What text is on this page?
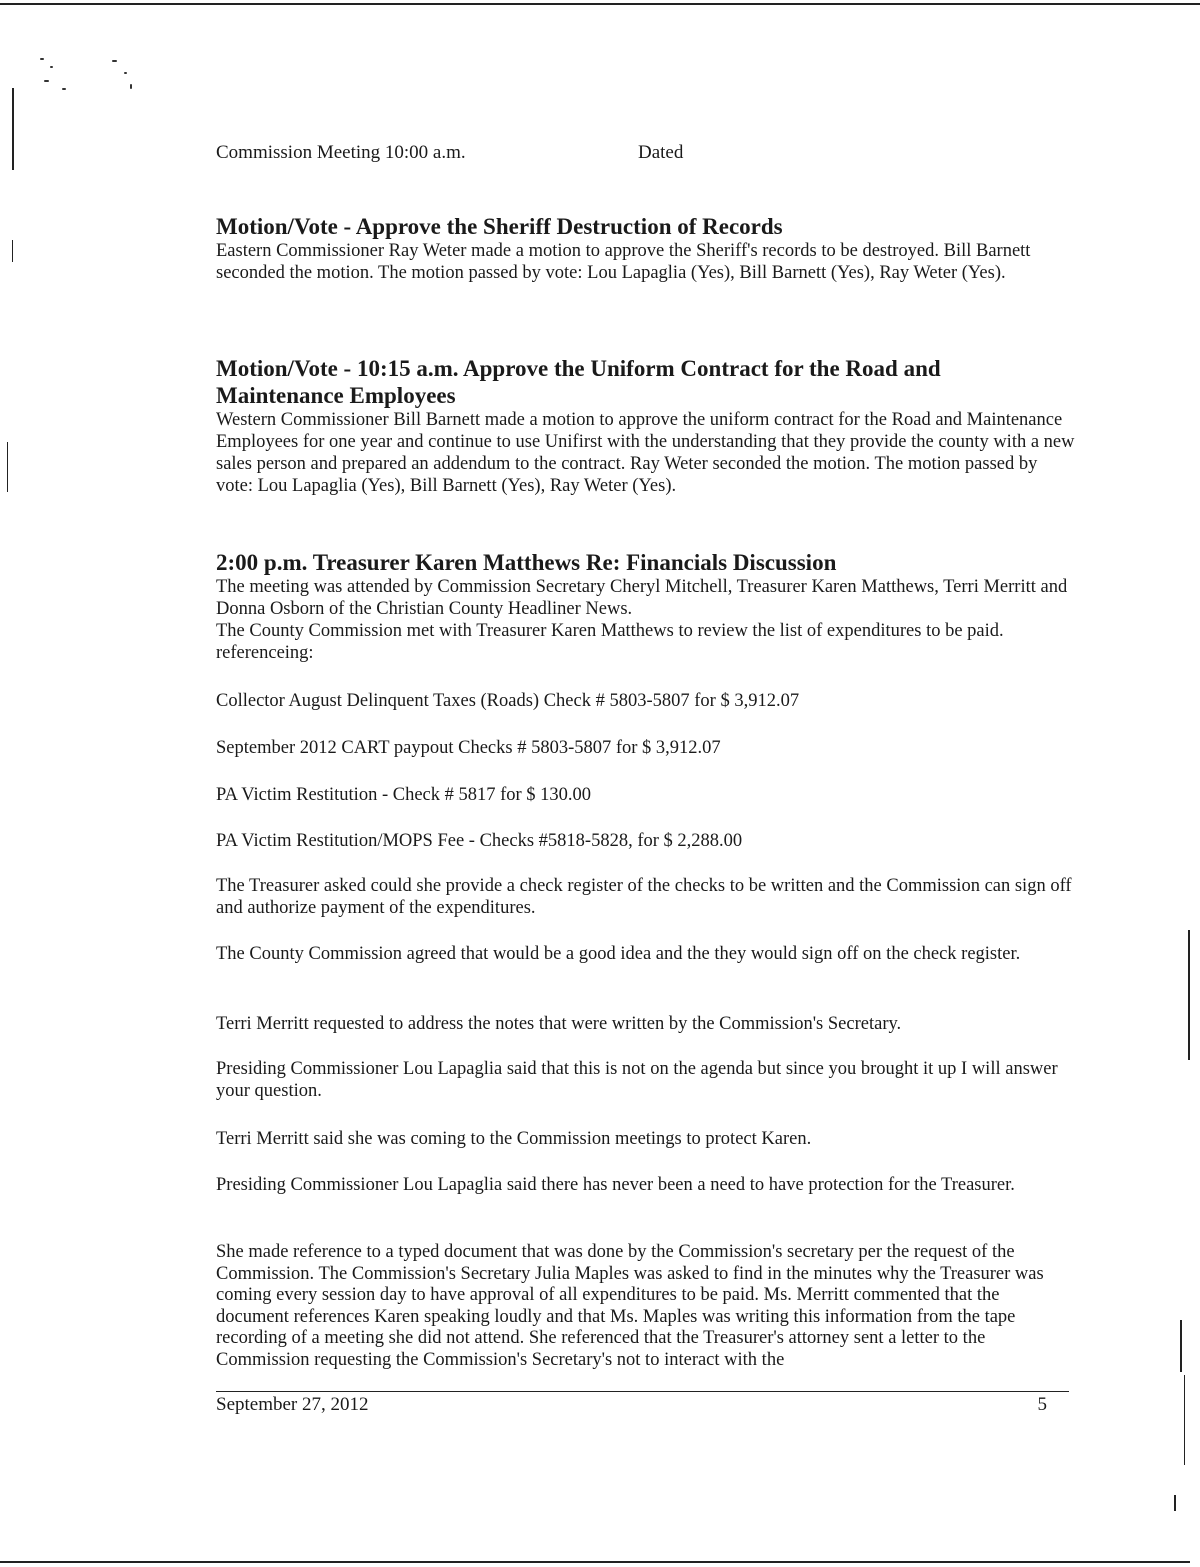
Commission Meeting 10:00 a.m.	Dated
Motion/Vote - Approve the Sheriff Destruction of Records

Eastern Commissioner Ray Weter made a motion to approve the Sheriff's records to be destroyed. Bill Barnett seconded the motion. The motion passed by vote: Lou Lapaglia (Yes), Bill Barnett (Yes), Ray Weter (Yes).

Motion/Vote - 10:15 a.m. Approve the Uniform Contract for the Road and Maintenance Employees

Western Commissioner Bill Barnett made a motion to approve the uniform contract for the Road and Maintenance Employees for one year and continue to use Unifirst with the understanding that they provide the county with a new sales person and prepared an addendum to the contract. Ray Weter seconded the motion. The motion passed by vote: Lou Lapaglia (Yes), Bill Barnett (Yes), Ray Weter (Yes).

2:00 p.m. Treasurer Karen Matthews Re: Financials Discussion

The meeting was attended by Commission Secretary Cheryl Mitchell, Treasurer Karen Matthews, Terri Merritt and Donna Osborn of the Christian County Headliner News.

The County Commission met with Treasurer Karen Matthews to review the list of expenditures to be paid. referenceing:

Collector August Delinquent Taxes (Roads) Check # 5803-5807 for $ 3,912.07

September 2012 CART paypout Checks # 5803-5807 for $ 3,912.07

PA Victim Restitution - Check # 5817 for $ 130.00

PA Victim Restitution/MOPS Fee - Checks #5818-5828, for $ 2,288.00

The Treasurer asked could she provide a check register of the checks to be written and the Commission can sign off and authorize payment of the expenditures.

The County Commission agreed that would be a good idea and the they would sign off on the check register.

Terri Merritt requested to address the notes that were written by the Commission's Secretary.

Presiding Commissioner Lou Lapaglia said that this is not on the agenda but since you brought it up I will answer your question.

Terri Merritt said she was coming to the Commission meetings to protect Karen.

Presiding Commissioner Lou Lapaglia said there has never been a need to have protection for the Treasurer.

She made reference to a typed document that was done by the Commission's secretary per the request of the Commission. The Commission's Secretary Julia Maples was asked to find in the minutes why the Treasurer was coming every session day to have approval of all expenditures to be paid. Ms. Merritt commented that the document references Karen speaking loudly and that Ms. Maples was writing this information from the tape recording of a meeting she did not attend. She referenced that the Treasurer's attorney sent a letter to the Commission requesting the Commission's Secretary's not to interact with the

September 27, 2012	5
